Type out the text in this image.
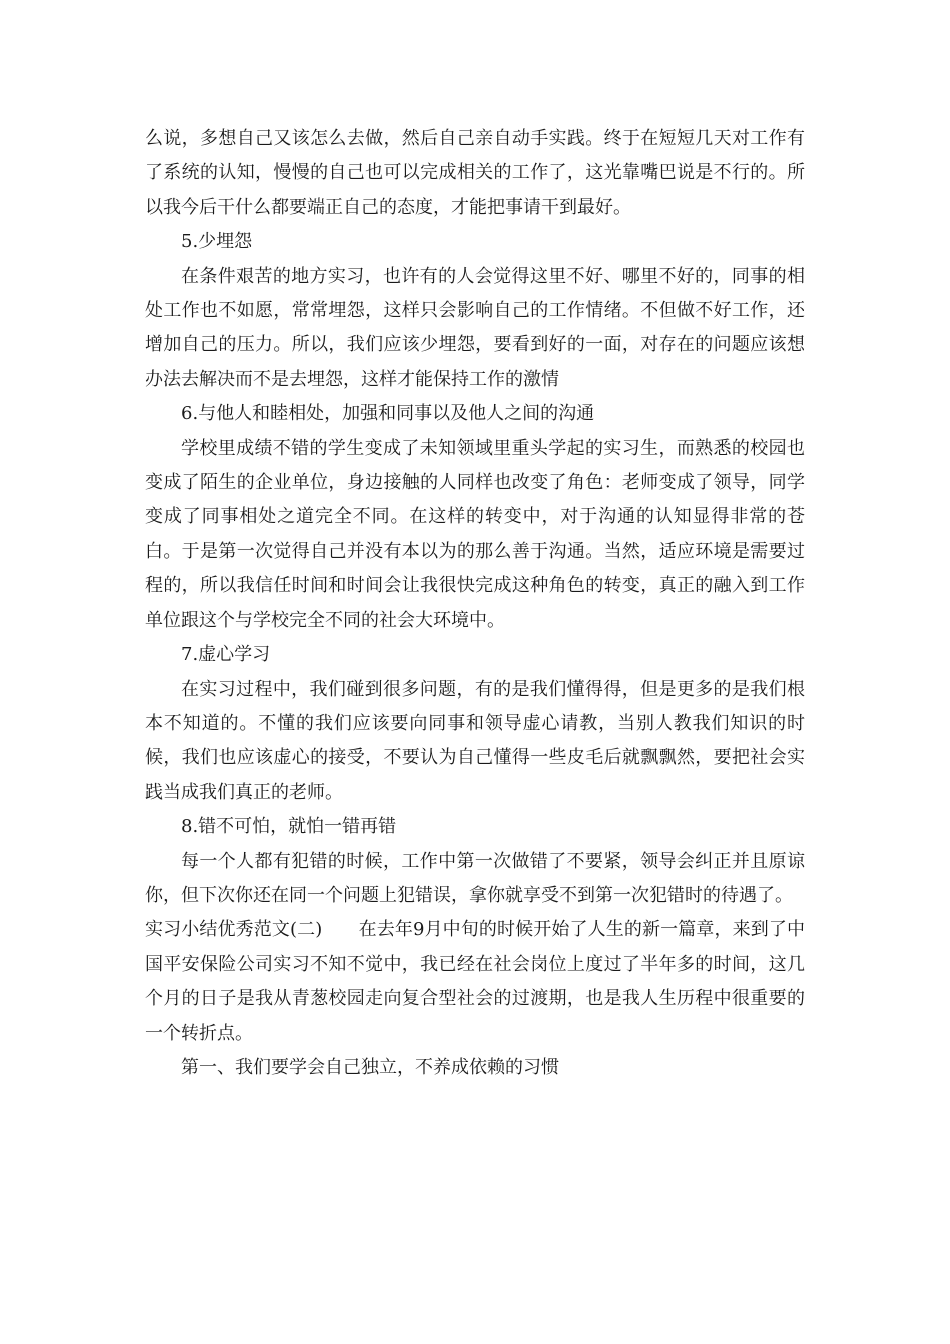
么说，多想自己又该怎么去做，然后自己亲自动手实践。终于在短短几天对工作有了系统的认知，慢慢的自己也可以完成相关的工作了，这光靠嘴巴说是不行的。所以我今后干什么都要端正自己的态度，才能把事请干到最好。

5.少埋怨

在条件艰苦的地方实习，也许有的人会觉得这里不好、哪里不好的，同事的相处工作也不如愿，常常埋怨，这样只会影响自己的工作情绪。不但做不好工作，还增加自己的压力。所以，我们应该少埋怨，要看到好的一面，对存在的问题应该想办法去解决而不是去埋怨，这样才能保持工作的激情

6.与他人和睦相处，加强和同事以及他人之间的沟通

学校里成绩不错的学生变成了未知领域里重头学起的实习生，而熟悉的校园也变成了陌生的企业单位，身边接触的人同样也改变了角色：老师变成了领导，同学变成了同事相处之道完全不同。在这样的转变中，对于沟通的认知显得非常的苍白。于是第一次觉得自己并没有本以为的那么善于沟通。当然，适应环境是需要过程的，所以我信任时间和时间会让我很快完成这种角色的转变，真正的融入到工作单位跟这个与学校完全不同的社会大环境中。

7.虚心学习

在实习过程中，我们碰到很多问题，有的是我们懂得得，但是更多的是我们根本不知道的。不懂的我们应该要向同事和领导虚心请教，当别人教我们知识的时候，我们也应该虚心的接受，不要认为自己懂得一些皮毛后就飘飘然，要把社会实践当成我们真正的老师。

8.错不可怕，就怕一错再错

每一个人都有犯错的时候，工作中第一次做错了不要紧，领导会纠正并且原谅你，但下次你还在同一个问题上犯错误，拿你就享受不到第一次犯错时的待遇了。

实习小结优秀范文(二)　　在去年9月中旬的时候开始了人生的新一篇章，来到了中国平安保险公司实习不知不觉中，我已经在社会岗位上度过了半年多的时间，这几个月的日子是我从青葱校园走向复合型社会的过渡期，也是我人生历程中很重要的一个转折点。

第一、我们要学会自己独立，不养成依赖的习惯
